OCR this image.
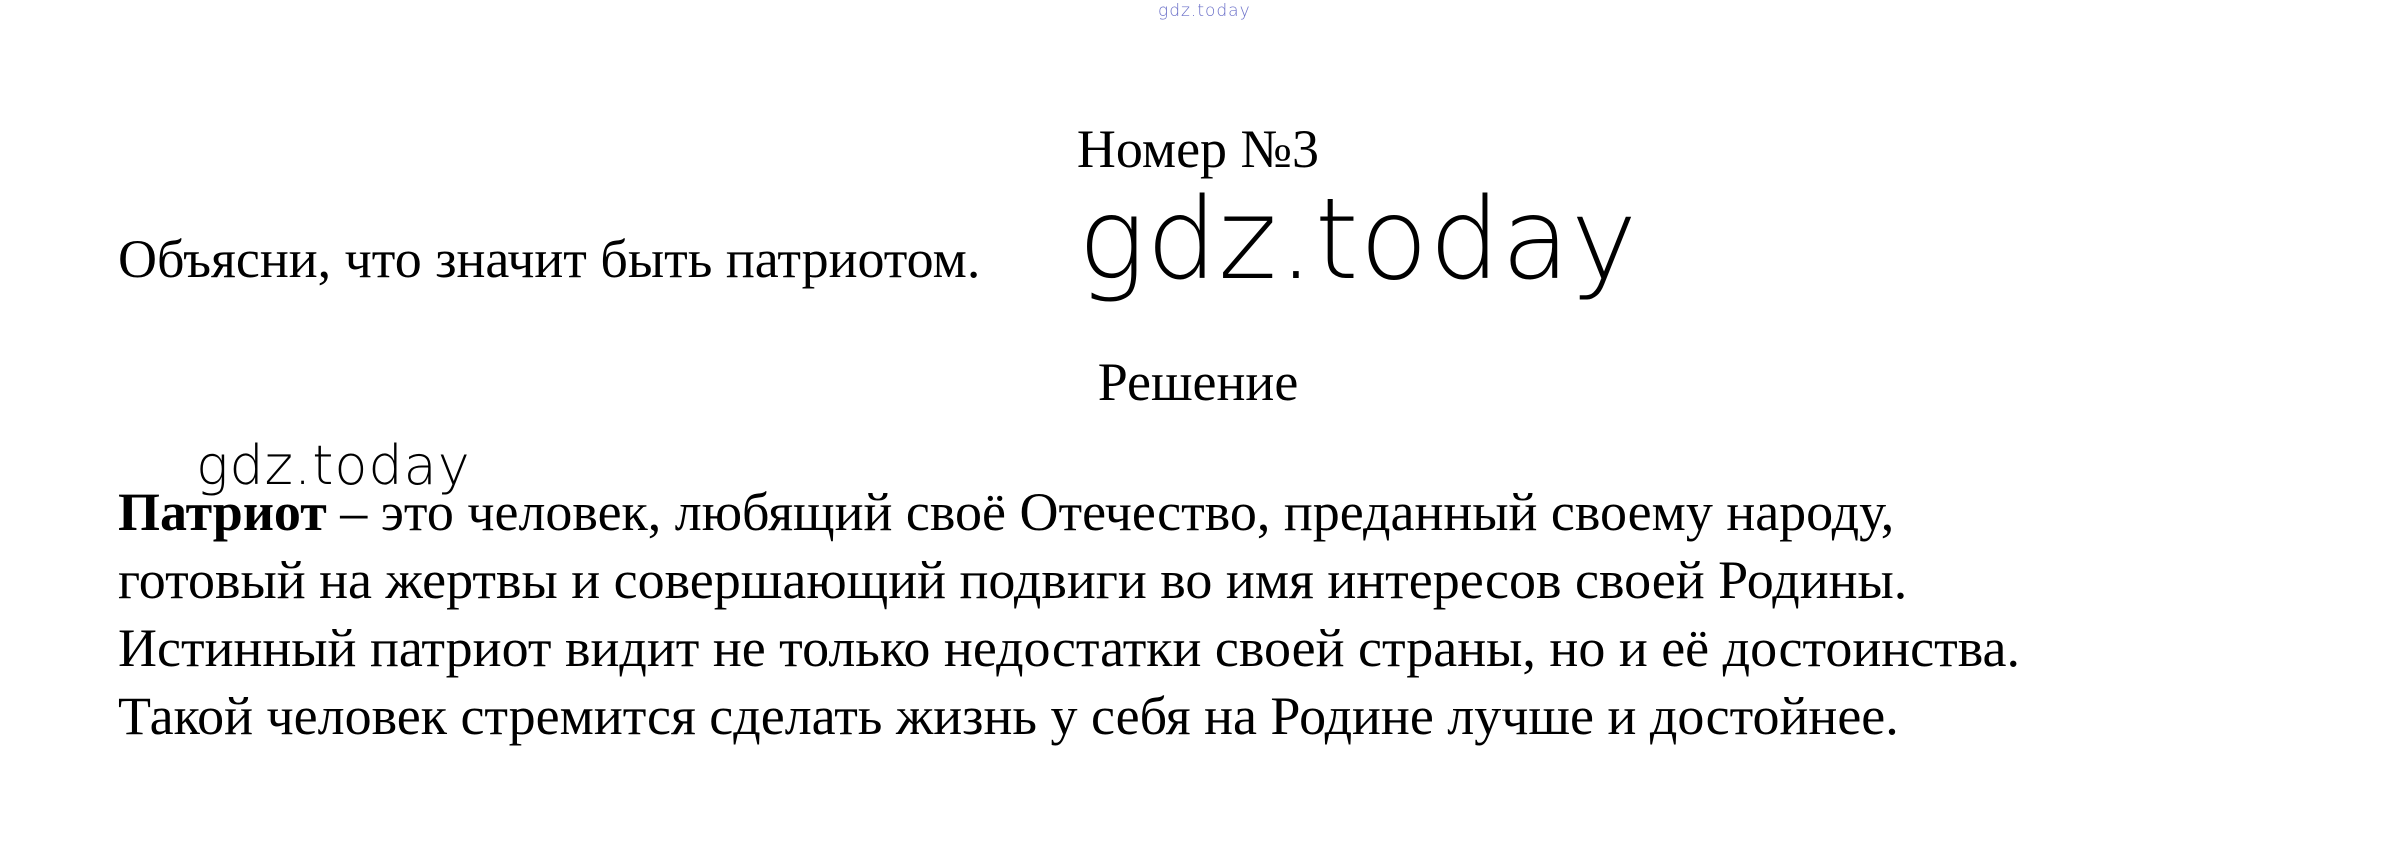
gdz.today
Номер №3
Объясни, что значит быть патриотом. gdz.today
Решение
gdz.today
Патриот – это человек, любящий своё Отечество, преданный своему народу,
готовый на жертвы и совершающий подвиги во имя интересов своей Родины.
Истинный патриот видит не только недостатки своей страны, но и её достоинства.
Такой человек стремится сделать жизнь у себя на Родине лучше и достойнее.
